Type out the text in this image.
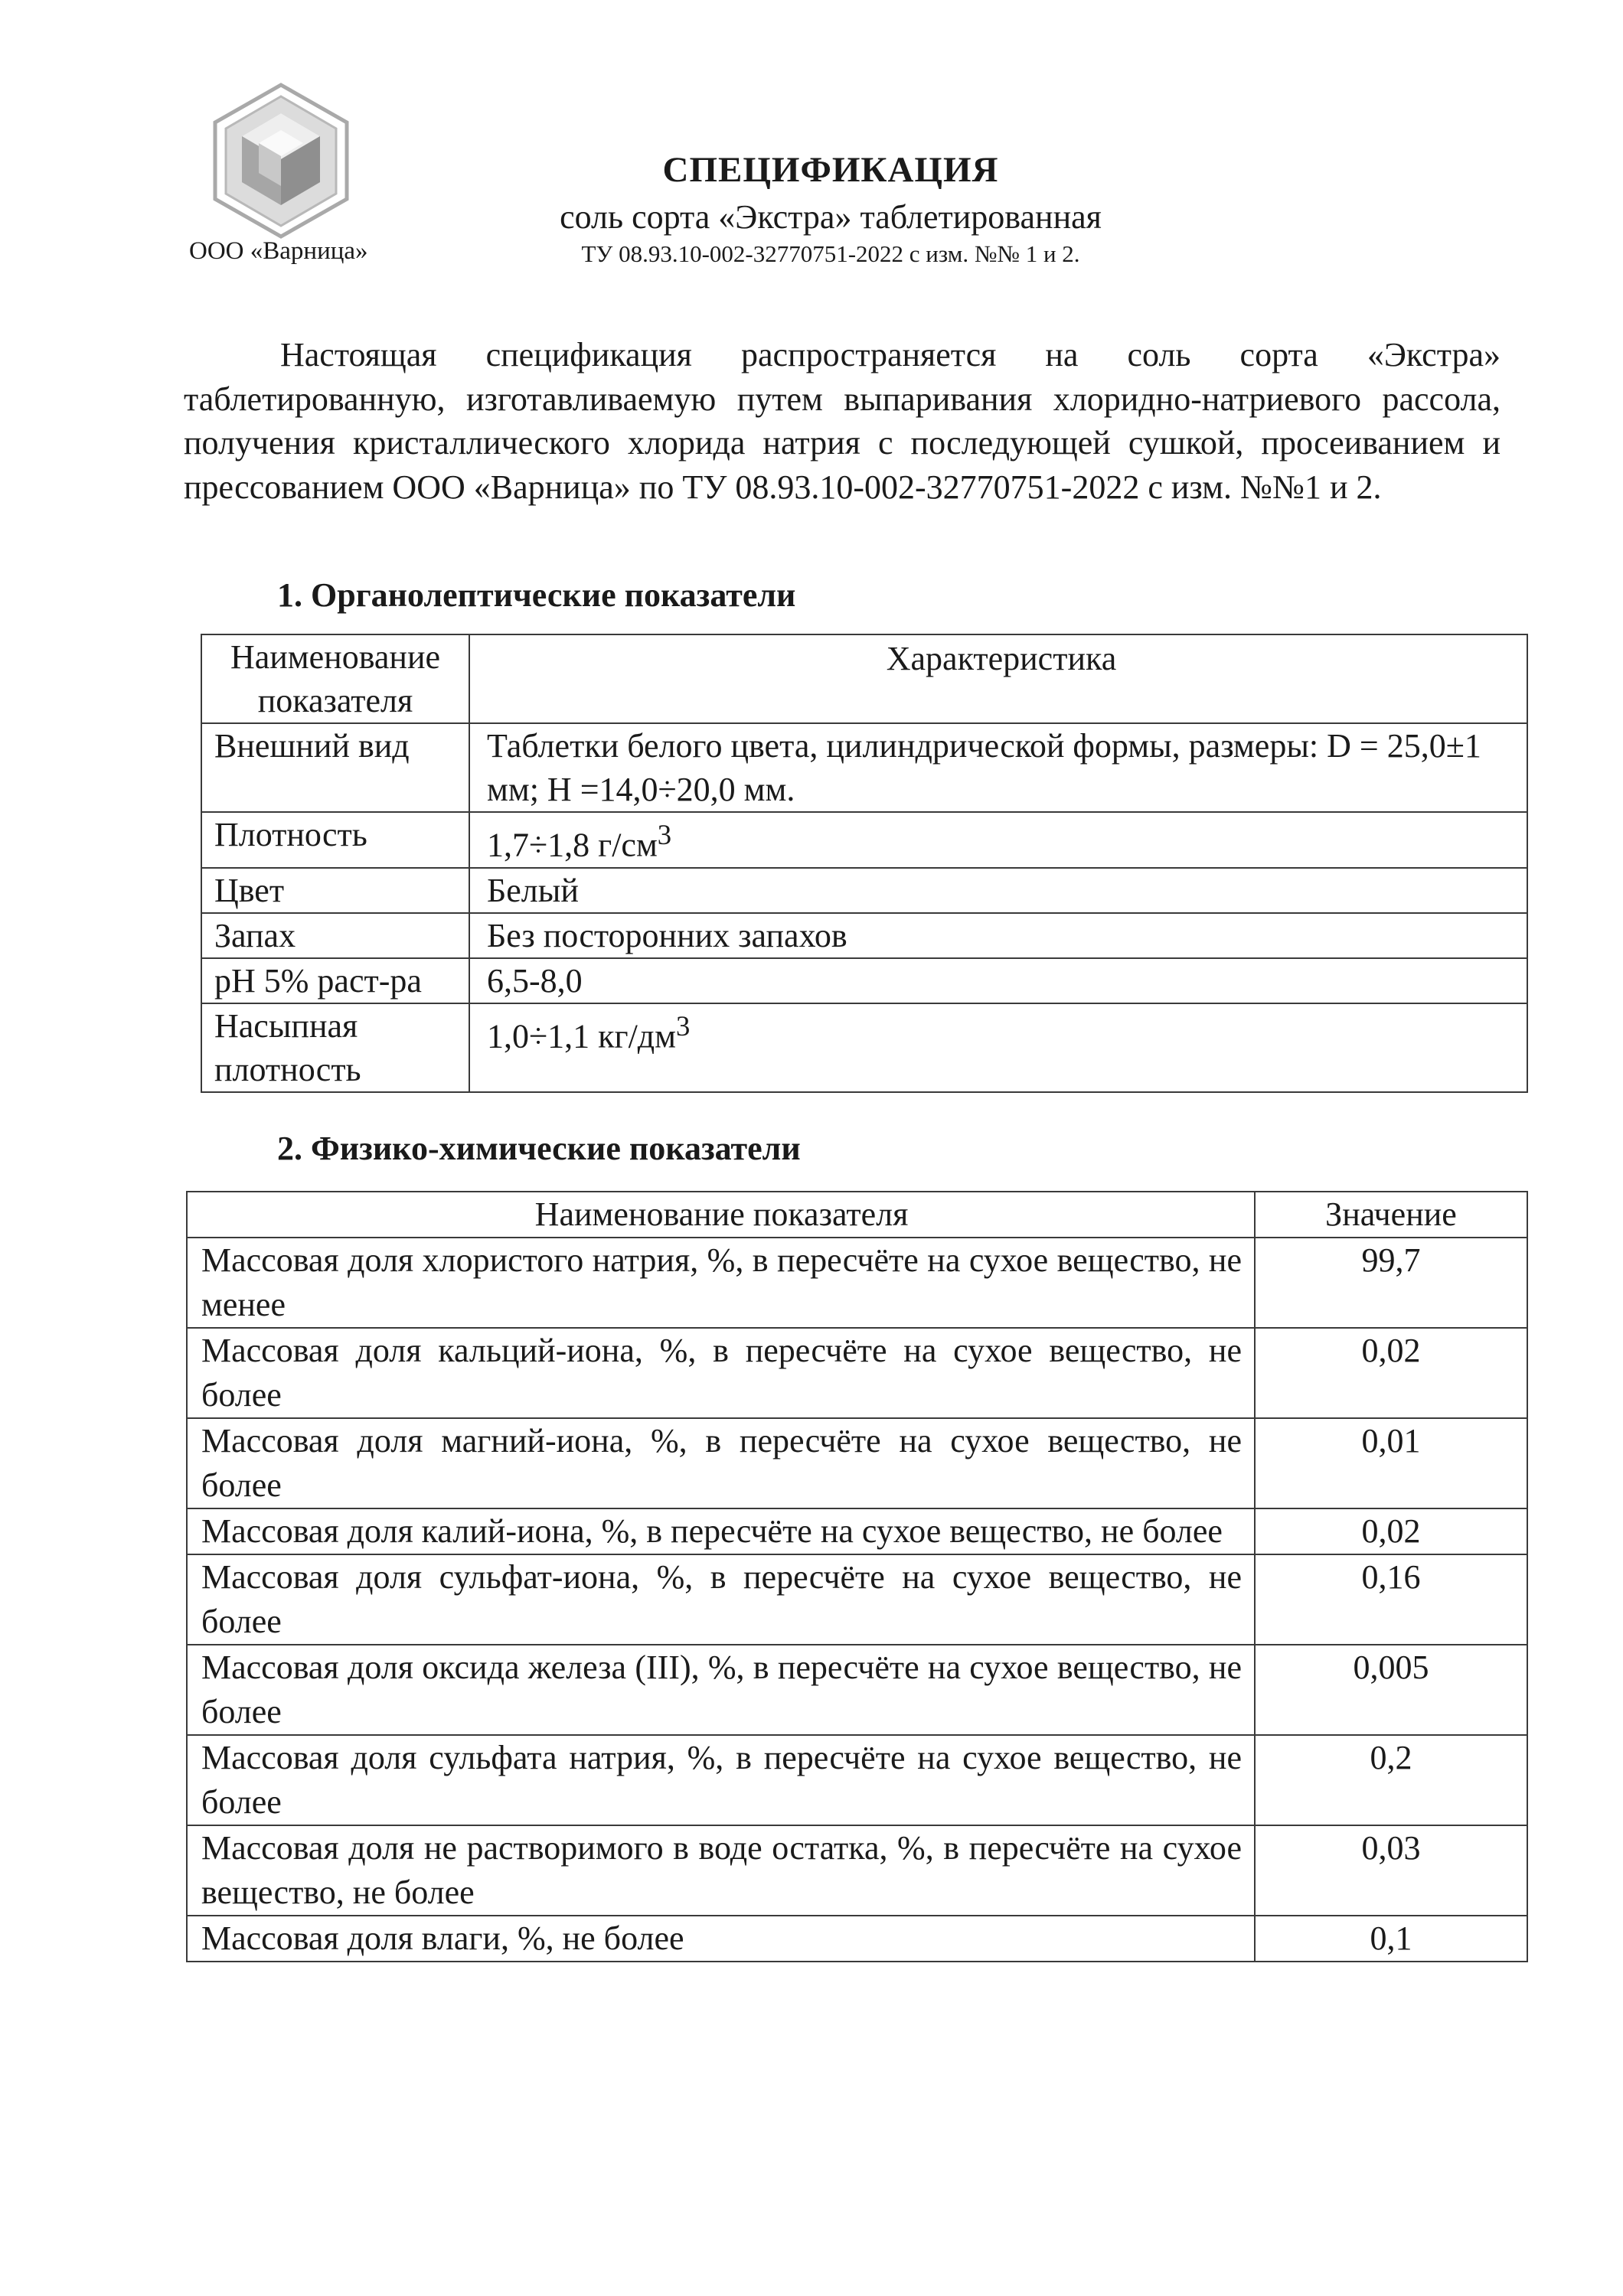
ООО «Варница»
СПЕЦИФИКАЦИЯ
соль сорта «Экстра» таблетированная
ТУ 08.93.10-002-32770751-2022 с изм. №№ 1 и 2.
Настоящая спецификация распространяется на соль сорта «Экстра» таблетированную, изготавливаемую путем выпаривания хлоридно-натриевого рассола, получения кристаллического хлорида натрия с последующей сушкой, просеиванием и прессованием ООО «Варница» по ТУ 08.93.10-002-32770751-2022 с изм. №№1 и 2.
1. Органолептические показатели
Наименование показателя	Характеристика
Внешний вид	Таблетки белого цвета, цилиндрической формы, размеры: D = 25,0±1 мм; H =14,0÷20,0 мм.
Плотность	1,7÷1,8 $г/см^3$
Цвет	Белый
Запах	Без посторонних запахов
pH 5% раст-ра	6,5-8,0
Насыпная плотность	1,0÷1,1 $кг/дм^3$
2. Физико-химические показатели
Наименование показателя	Значение
Массовая доля хлористого натрия, %, в пересчёте на сухое вещество, не менее	99,7
Массовая доля кальций-иона, %, в пересчёте на сухое вещество, не более	0,02
Массовая доля магний-иона, %, в пересчёте на сухое вещество, не более	0,01
Массовая доля калий-иона, %, в пересчёте на сухое вещество, не более	0,02
Массовая доля сульфат-иона, %, в пересчёте на сухое вещество, не более	0,16
Массовая доля оксида железа (III), %, в пересчёте на сухое вещество, не более	0,005
Массовая доля сульфата натрия, %, в пересчёте на сухое вещество, не более	0,2
Массовая доля не растворимого в воде остатка, %, в пересчёте на сухое вещество, не более	0,03
Массовая доля влаги, %, не более	0,1
